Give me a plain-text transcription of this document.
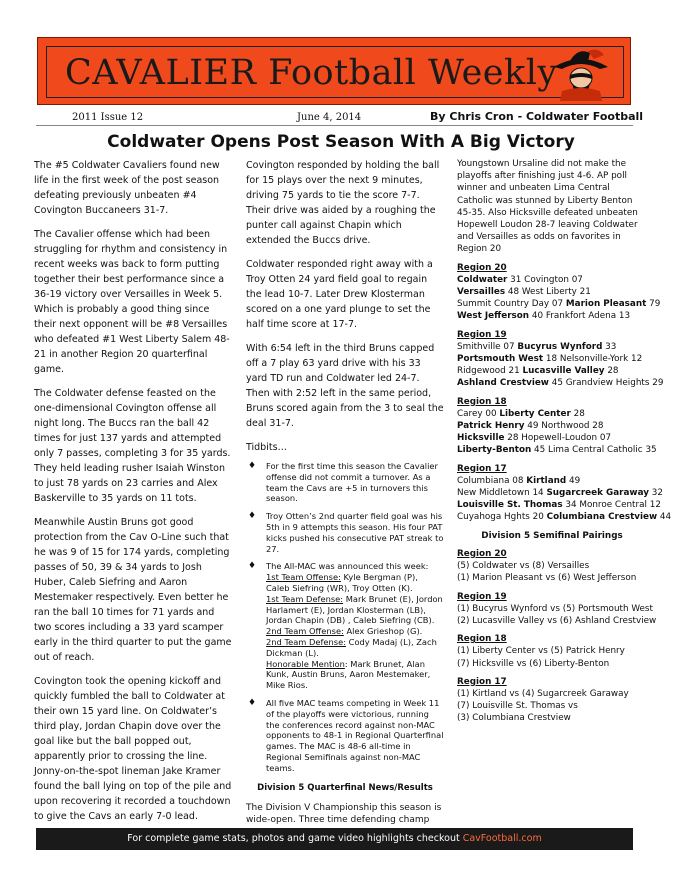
CAVALIER Football Weekly
2011 Issue 12	June 4, 2014	By Chris Cron - Coldwater Football
Coldwater Opens Post Season With A Big Victory

The #5 Coldwater Cavaliers found new life in the first week of the post season defeating previously unbeaten #4 Covington Buccaneers 31-7.

The Cavalier offense which had been struggling for rhythm and consistency in recent weeks was back to form putting together their best performance since a 36-19 victory over Versailles in Week 5. Which is probably a good thing since their next opponent will be #8 Versailles who defeated #1 West Liberty Salem 48-21 in another Region 20 quarterfinal game.

The Coldwater defense feasted on the one-dimensional Covington offense all night long. The Buccs ran the ball 42 times for just 137 yards and attempted only 7 passes, completing 3 for 35 yards. They held leading rusher Isaiah Winston to just 78 yards on 23 carries and Alex Baskerville to 35 yards on 11 tots.

Meanwhile Austin Bruns got good protection from the Cav O-Line such that he was 9 of 15 for 174 yards, completing passes of 50, 39 & 34 yards to Josh Huber, Caleb Siefring and Aaron Mestemaker respectively. Even better he ran the ball 10 times for 71 yards and two scores including a 33 yard scamper early in the third quarter to put the game out of reach.

Covington took the opening kickoff and quickly fumbled the ball to Coldwater at their own 15 yard line. On Coldwater’s third play, Jordan Chapin dove over the goal like but the ball popped out, apparently prior to crossing the line. Jonny-on-the-spot lineman Jake Kramer found the ball lying on top of the pile and upon recovering it recorded a touchdown to give the Cavs an early 7-0 lead.

Covington responded by holding the ball for 15 plays over the next 9 minutes, driving 75 yards to tie the score 7-7. Their drive was aided by a roughing the punter call against Chapin which extended the Buccs drive.

Coldwater responded right away with a Troy Otten 24 yard field goal to regain the lead 10-7. Later Drew Klosterman scored on a one yard plunge to set the half time score at 17-7.

With 6:54 left in the third Bruns capped off a 7 play 63 yard drive with his 33 yard TD run and Coldwater led 24-7. Then with 2:52 left in the same period, Bruns scored again from the 3 to seal the deal 31-7.

Tidbits…
♦ For the first time this season the Cavalier offense did not commit a turnover. As a team the Cavs are +5 in turnovers this season.
♦ Troy Otten’s 2nd quarter field goal was his 5th in 9 attempts this season. His four PAT kicks pushed his consecutive PAT streak to 27.
♦ The All-MAC was announced this week:
1st Team Offense: Kyle Bergman (P), Caleb Siefring (WR), Troy Otten (K).
1st Team Defense: Mark Brunet (E), Jordon Harlamert (E), Jordan Klosterman (LB), Jordan Chapin (DB) , Caleb Siefring (CB).
2nd Team Offense: Alex Grieshop (G).
2nd Team Defense: Cody Madaj (L), Zach Dickman (L).
Honorable Mention: Mark Brunet, Alan Kunk, Austin Bruns, Aaron Mestemaker, Mike Rios.
♦ All five MAC teams competing in Week 11 of the playoffs were victorious, running the conferences record against non-MAC opponents to 48-1 in Regional Quarterfinal games. The MAC is 48-6 all-time in Regional Semifinals against non-MAC teams.
Division 5 Quarterfinal News/Results
The Division V Championship this season is wide-open. Three time defending champ

Youngstown Ursaline did not make the playoffs after finishing just 4-6. AP poll winner and unbeaten Lima Central Catholic was stunned by Liberty Benton 45-35. Also Hicksville defeated unbeaten Hopewell Loudon 28-7 leaving Coldwater and Versailles as odds on favorites in Region 20

Region 20
Coldwater 31 Covington 07
Versailles 48 West Liberty 21
Summit Country Day 07 Marion Pleasant 79
West Jefferson 40 Frankfort Adena 13
Region 19
Smithville 07 Bucyrus Wynford 33
Portsmouth West 18 Nelsonville-York 12
Ridgewood 21 Lucasville Valley 28
Ashland Crestview 45 Grandview Heights 29
Region 18
Carey 00 Liberty Center 28
Patrick Henry 49 Northwood 28
Hicksville 28 Hopewell-Loudon 07
Liberty-Benton 45 Lima Central Catholic 35
Region 17
Columbiana 08 Kirtland 49
New Middletown 14 Sugarcreek Garaway 32
Louisville St. Thomas 34 Monroe Central 12
Cuyahoga Hghts 20 Columbiana Crestview 44
Division 5 Semifinal Pairings
Region 20
(5) Coldwater vs (8) Versailles
(1) Marion Pleasant vs (6) West Jefferson
Region 19
(1) Bucyrus Wynford vs (5) Portsmouth West
(2) Lucasville Valley vs (6) Ashland Crestview
Region 18
(1) Liberty Center vs (5) Patrick Henry
(7) Hicksville vs (6) Liberty-Benton
Region 17
(1) Kirtland vs (4) Sugarcreek Garaway
(7) Louisville St. Thomas vs
(3) Columbiana Crestview
For complete game stats, photos and game video highlights checkout CavFootball.com
